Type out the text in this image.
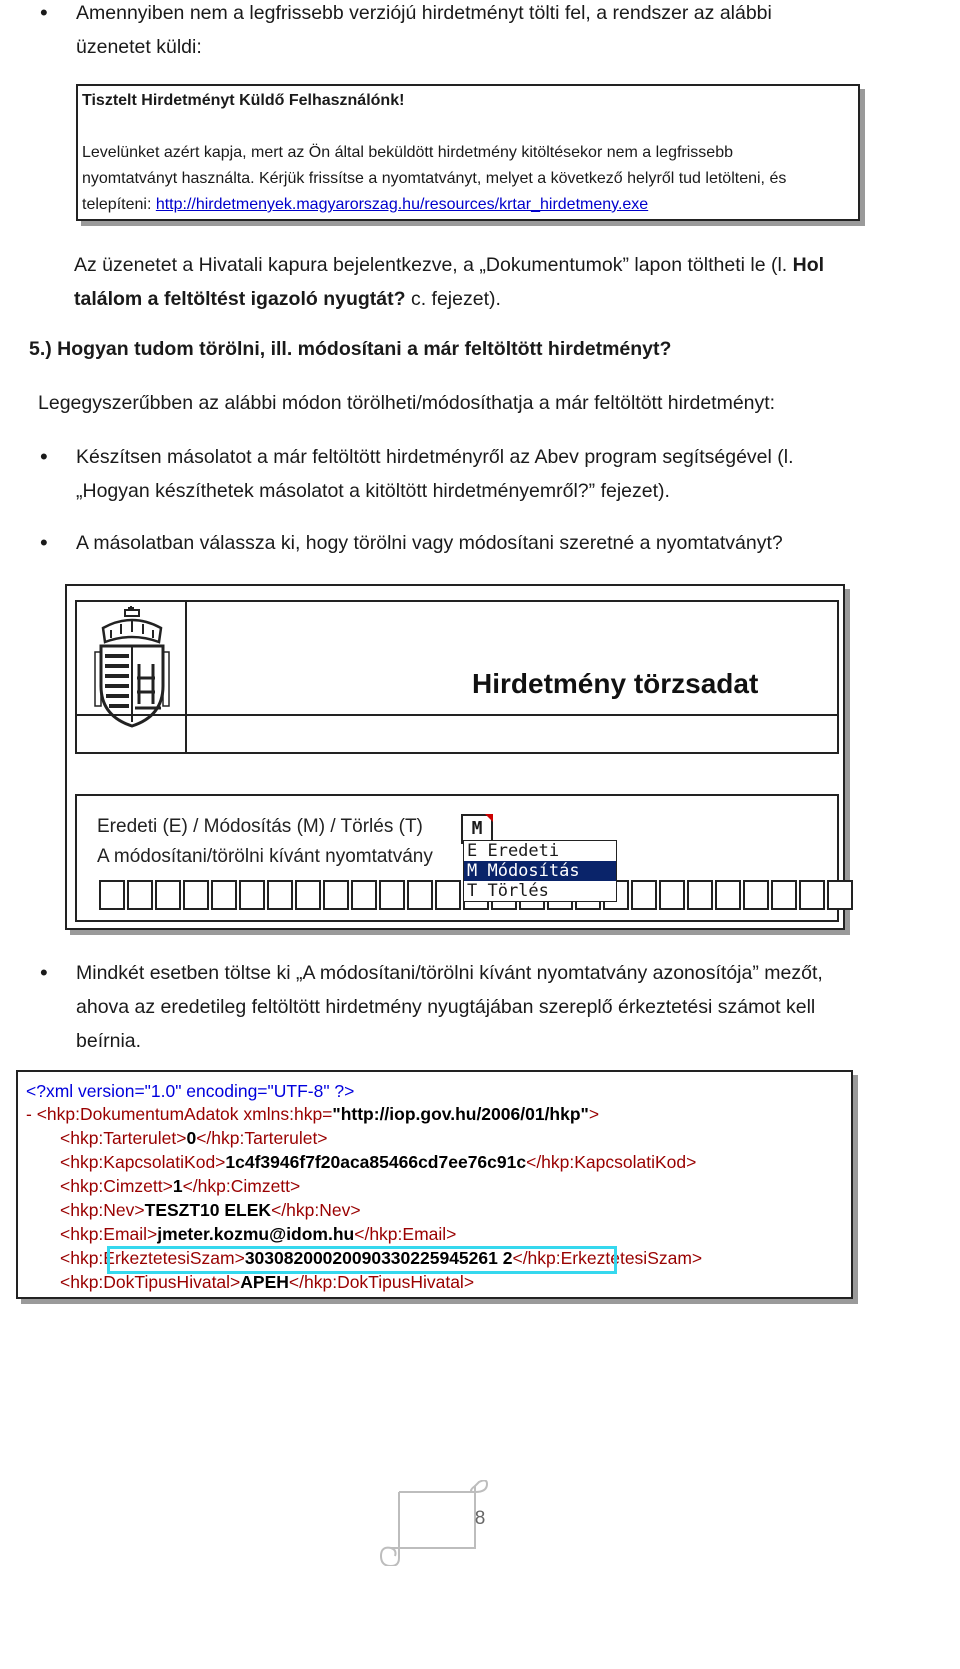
• Amennyiben nem a legfrissebb verziójú hirdetményt tölti fel, a rendszer az alábbi
üzenetet küldi:
Tisztelt Hirdetményt Küldő Felhasználónk!
Levelünket azért kapja, mert az Ön által beküldött hirdetmény kitöltésekor nem a legfrissebb
nyomtatványt használta. Kérjük frissítse a nyomtatványt, melyet a következő helyről tud letölteni, és
telepíteni: http://hirdetmenyek.magyarorszag.hu/resources/krtar_hirdetmeny.exe
Az üzenetet a Hivatali kapura bejelentkezve, a „Dokumentumok” lapon töltheti le (l. Hol
találom a feltöltést igazoló nyugtát? c. fejezet).
5.) Hogyan tudom törölni, ill. módosítani a már feltöltött hirdetményt?
Legegyszerűbben az alábbi módon törölheti/módosíthatja a már feltöltött hirdetményt:
• Készítsen másolatot a már feltöltött hirdetményről az Abev program segítségével (l.
„Hogyan készíthetek másolatot a kitöltött hirdetményemről?” fejezet).
• A másolatban válassza ki, hogy törölni vagy módosítani szeretné a nyomtatványt?
Hirdetmény törzsadat
Eredeti (E) / Módosítás (M) / Törlés (T)	M
A módosítani/törölni kívánt nyomtatvány E Eredeti
M Módosítás
T Törlés
• Mindkét esetben töltse ki „A módosítani/törölni kívánt nyomtatvány azonosítója” mezőt,
ahova az eredetileg feltöltött hirdetmény nyugtájában szereplő érkeztetési számot kell
beírnia.
<?xml version="1.0" encoding="UTF-8" ?>
- <hkp:DokumentumAdatok xmlns:hkp="http://iop.gov.hu/2006/01/hkp">
<hkp:Tarterulet>0</hkp:Tarterulet>
<hkp:KapcsolatiKod>1c4f3946f7f20aca85466cd7ee76c91c</hkp:KapcsolatiKod>
<hkp:Cimzett>1</hkp:Cimzett>
<hkp:Nev>TESZT10 ELEK</hkp:Nev>
<hkp:Email>jmeter.kozmu@idom.hu</hkp:Email>
<hkp:ErkeztetesiSzam>30308200020090330225945261 2</hkp:ErkeztetesiSzam>
<hkp:DokTipusHivatal>APEH</hkp:DokTipusHivatal>
8
